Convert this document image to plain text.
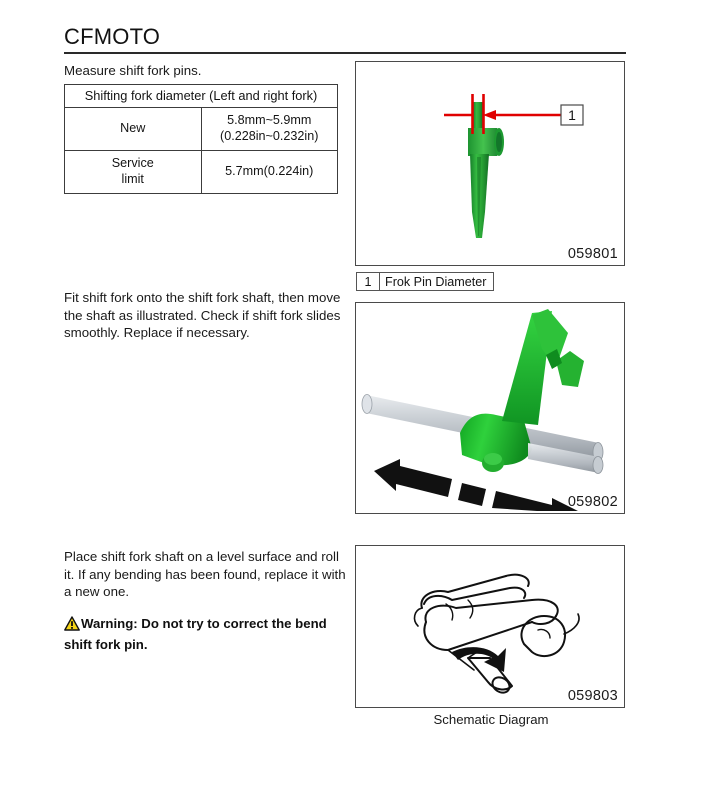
CFMOTO
Measure shift fork pins.
Shifting fork diameter (Left and right fork)	
New	5.8mm~5.9mm
(0.228in~0.232in)

Service
limit	5.7mm(0.224in)
1
059801
1	Frok Pin Diameter
Fit shift fork onto the shift fork shaft, then move the shaft as illustrated. Check if shift fork slides smoothly. Replace if necessary.
059802
Place shift fork shaft on a level surface and roll it. If any bending has been found, replace it with a new one.
Warning: Do not try to correct the bend shift fork pin.
059803
Schematic Diagram
